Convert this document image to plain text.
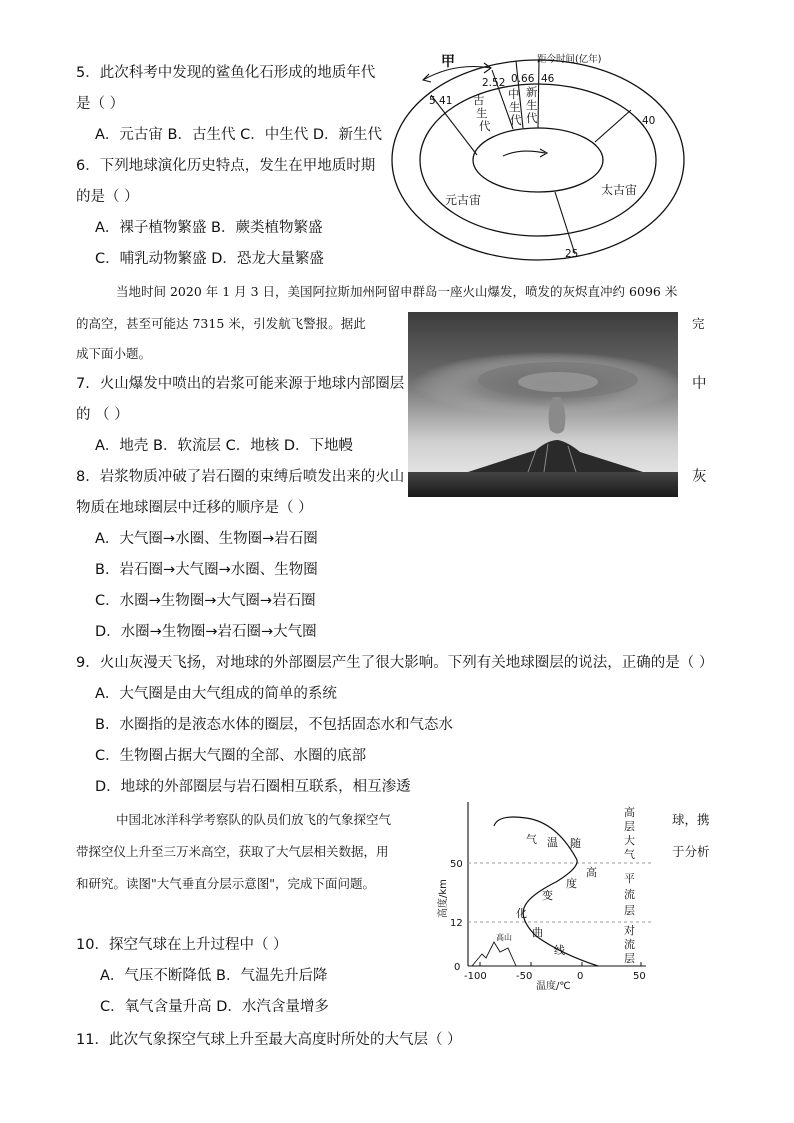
5．此次科考中发现的鲨鱼化石形成的地质年代
是（ ）
A．元古宙 B．古生代 C．中生代 D．新生代
6．下列地球演化历史特点，发生在甲地质时期
的是（ ）
A．裸子植物繁盛 B．蕨类植物繁盛
C．哺乳动物繁盛 D．恐龙大量繁盛
古
生
代
中
生
代
新
生
代
5.41
2.52 0.66 46
40
25
距今时间(亿年)
甲
元古宙
太古宙
当地时间 2020 年 1 月 3 日，美国阿拉斯加州阿留申群岛一座火山爆发，喷发的灰烬直冲约 6096 米
的高空，甚至可能达 7315 米，引发航飞警报。据此	完
成下面小题。
7．火山爆发中喷出的岩浆可能来源于地球内部圈层	中
的 （ ）
A．地壳 B．软流层 C．地核 D．下地幔
8．岩浆物质冲破了岩石圈的束缚后喷发出来的火山	灰
物质在地球圈层中迁移的顺序是（ ）
A．大气圈→水圈、生物圈→岩石圈
B．岩石圈→大气圈→水圈、生物圈
C．水圈→生物圈→大气圈→岩石圈
D．水圈→生物圈→岩石圈→大气圈
9．火山灰漫天飞扬，对地球的外部圈层产生了很大影响。下列有关地球圈层的说法，正确的是（ ）
A．大气圈是由大气组成的简单的系统
B．水圈指的是液态水体的圈层，不包括固态水和气态水
C．生物圈占据大气圈的全部、水圈的底部
D．地球的外部圈层与岩石圈相互联系，相互渗透
中国北冰洋科学考察队的队员们放飞的气象探空气	球，携
带探空仪上升至三万米高空，获取了大气层相关数据，用	于分析
和研究。读图"大气垂直分层示意图"，完成下面问题。
0
12
50
-100	-50	0	50
温度/℃
高度/km
高山
气 温 随
高
度
变
化
曲
线
高
层
大
气
平
流
层
对
流
层
10．探空气球在上升过程中（ ）
A．气压不断降低 B．气温先升后降
C．氧气含量升高 D．水汽含量增多
11．此次气象探空气球上升至最大高度时所处的大气层（ ）
